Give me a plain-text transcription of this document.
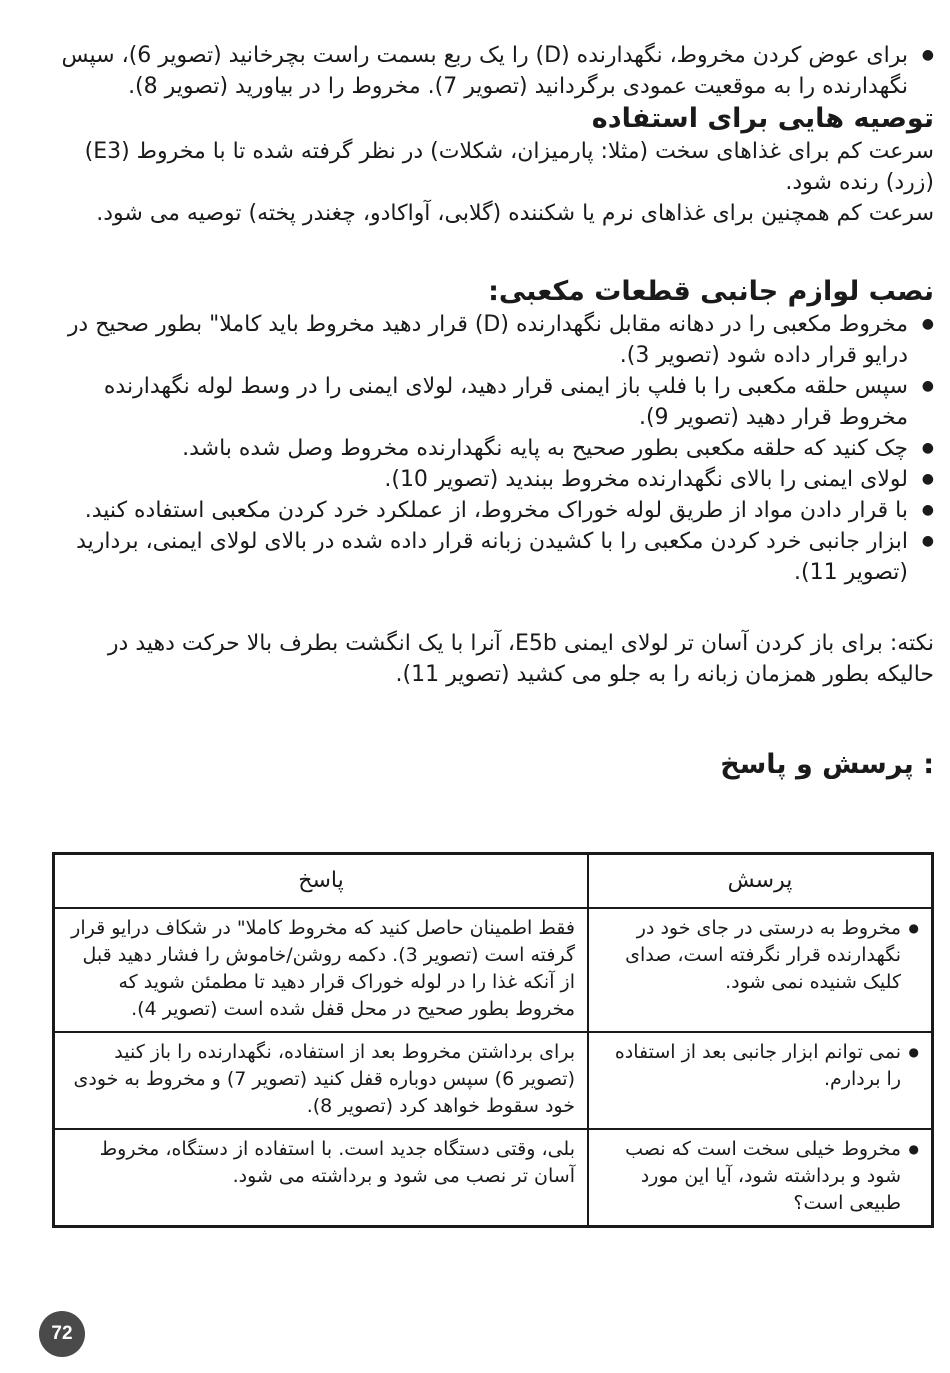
● برای عوض کردن مخروط، نگهدارنده (D) را یک ربع بسمت راست بچرخانید (تصویر 6)، سپس نگهدارنده را به موقعیت عمودی برگردانید (تصویر 7). مخروط را در بیاورید (تصویر 8).
توصیه هایی برای استفاده

سرعت کم برای غذاهای سخت (مثلا: پارمیزان، شکلات) در نظر گرفته شده تا با مخروط (E3) (زرد) رنده شود.

سرعت کم همچنین برای غذاهای نرم یا شکننده (گلابی، آواکادو، چغندر پخته) توصیه می شود.

نصب لوازم جانبی قطعات مکعبی:
● مخروط مکعبی را در دهانه مقابل نگهدارنده (D) قرار دهید مخروط باید کاملا" بطور صحیح در درایو قرار داده شود (تصویر 3).
● سپس حلقه مکعبی را با فلپ باز ایمنی قرار دهید، لولای ایمنی را در وسط لوله نگهدارنده مخروط قرار دهید (تصویر 9).
● چک کنید که حلقه مکعبی بطور صحیح به پایه نگهدارنده مخروط وصل شده باشد.
● لولای ایمنی را بالای نگهدارنده مخروط ببندید (تصویر 10).
● با قرار دادن مواد از طریق لوله خوراک مخروط، از عملکرد خرد کردن مکعبی استفاده کنید.
● ابزار جانبی خرد کردن مکعبی را با کشیدن زبانه قرار داده شده در بالای لولای ایمنی، بردارید (تصویر 11).

نکته: برای باز کردن آسان تر لولای ایمنی E5b، آنرا با یک انگشت بطرف بالا حرکت دهید در حالیکه بطور همزمان زبانه را به جلو می کشید (تصویر 11).

: پرسش و پاسخ
پرسش	پاسخ

● مخروط به درستی در جای خود در نگهدارنده قرار نگرفته است، صدای کلیک شنیده نمی شود.	فقط اطمینان حاصل کنید که مخروط کاملا" در شکاف درایو قرار گرفته است (تصویر 3). دکمه روشن/خاموش را فشار دهید قبل از آنکه غذا را در لوله خوراک قرار دهید تا مطمئن شوید که مخروط بطور صحیح در محل قفل شده است (تصویر 4).

● نمی توانم ابزار جانبی بعد از استفاده را بردارم.	برای برداشتن مخروط بعد از استفاده، نگهدارنده را باز کنید (تصویر 6) سپس دوباره قفل کنید (تصویر 7) و مخروط به خودی خود سقوط خواهد کرد (تصویر 8).

● مخروط خیلی سخت است که نصب شود و برداشته شود، آیا این مورد طبیعی است؟	بلی، وقتی دستگاه جدید است. با استفاده از دستگاه، مخروط آسان تر نصب می شود و برداشته می شود.
72
